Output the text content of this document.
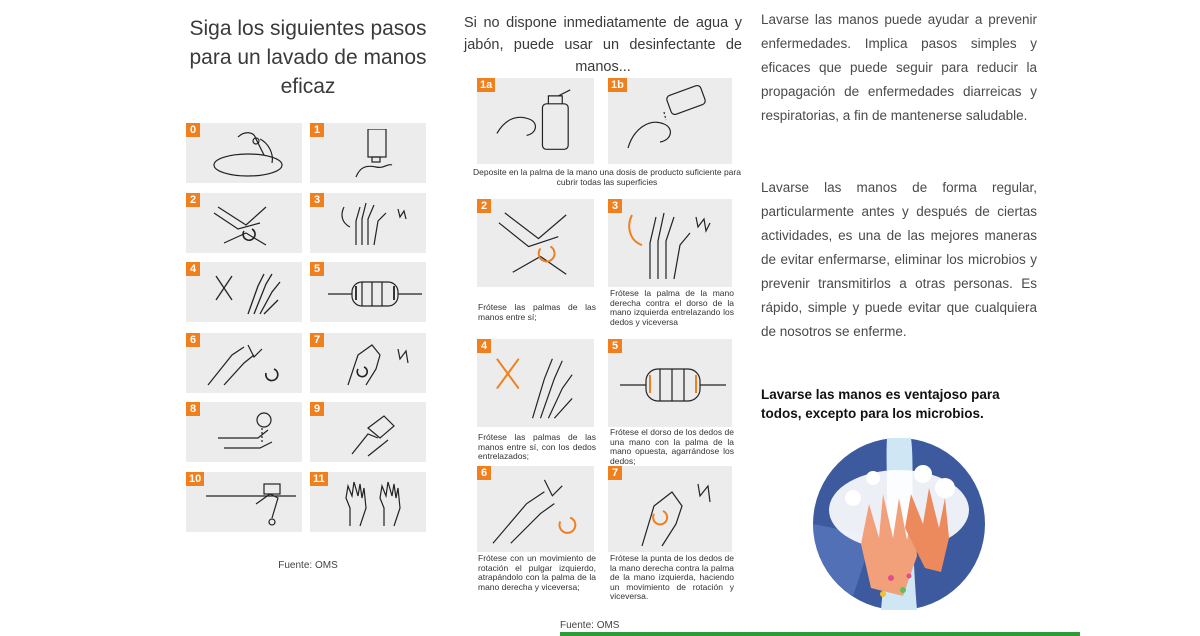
Siga los siguientes pasos
para un lavado de manos
eficaz
0	1
2	3
4	5
6	7
8	9
10	11
Fuente: OMS
Si no dispone inmediatamente de agua y jabón, puede usar un desinfectante de manos...
1a	1b
Deposite en la palma de la mano una dosis de producto suficiente para cubrir todas las superficies
2	3
Frótese las palmas de las manos entre sí;
Frótese la palma de la mano derecha contra el dorso de la mano izquierda entrelazando los dedos y viceversa
4	5
Frótese las palmas de las manos entre sí, con los dedos entrelazados;
Frótese el dorso de los dedos de una mano con la palma de la mano opuesta, agarrándose los dedos;
6	7
Frótese con un movimiento de rotación el pulgar izquierdo, atrapándolo con la palma de la mano derecha y viceversa;
Frótese la punta de los dedos de la mano derecha contra la palma de la mano izquierda, haciendo un movimiento de rotación y viceversa.
Fuente: OMS
Lavarse las manos puede ayudar a prevenir enfermedades. Implica pasos simples y eficaces que puede seguir para reducir la propagación de enfermedades diarreicas y respiratorias, a fin de mantenerse saludable.
Lavarse las manos de forma regular, particularmente antes y después de ciertas actividades, es una de las mejores maneras de evitar enfermarse, eliminar los microbios y prevenir transmitirlos a otras personas. Es rápido, simple y puede evitar que cualquiera de nosotros se enferme.
Lavarse las manos es ventajoso para todos, excepto para los microbios.
